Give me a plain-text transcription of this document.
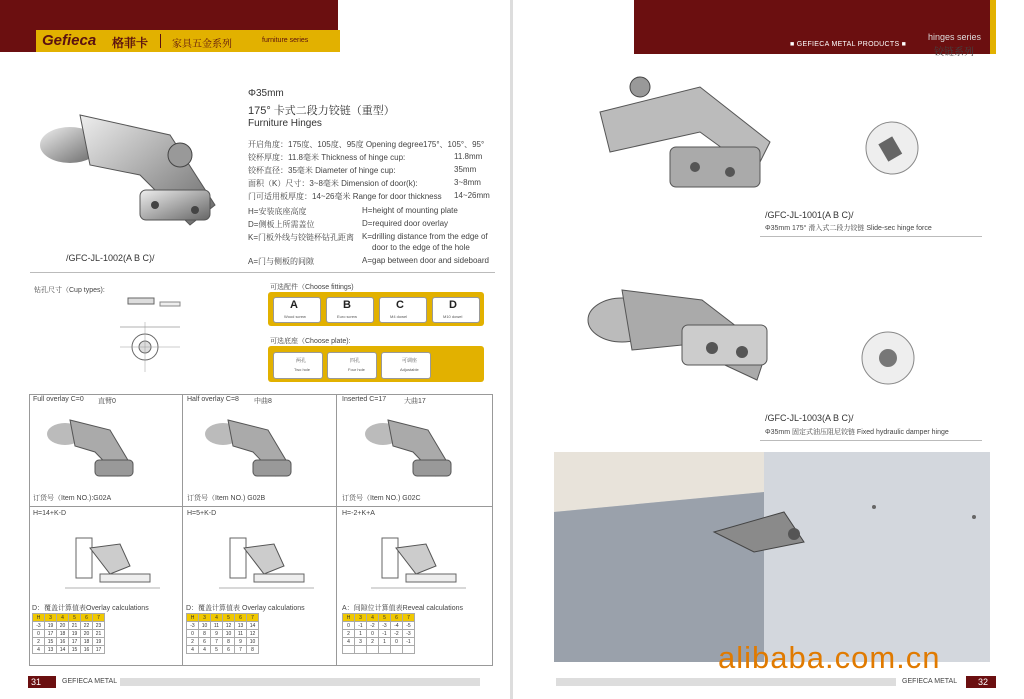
Gefieca 格菲卡 家具五金系列	furniture series
■ GEFIECA METAL PRODUCTS ■
hinges series
铰链系列
/GFC-JL-1002(A B C)/
Φ35mm
175° 卡式二段力铰链（重型）
Furniture Hinges
开启角度：175度、105度、95度 Opening degree 175°、105°、95°
铰杯厚度：11.8毫米 Thickness of hinge cup:	11.8mm
铰杯直径：35毫米 Diameter of hinge cup:	35mm
面积（K）尺寸：3~8毫米 Dimension of door(k):	3~8mm
门可适用板厚度：14~26毫米 Range for door thickness 14~26mm
H=安装底座高度
D=侧板上所需盖位
K=门板外线与铰链杯钻孔距离
A=门与侧板的间隙
H=height of mounting plate
D=required door overlay
K=drilling distance from the edge of
door to the edge of the hole
A=gap between door and sideboard
钻孔尺寸（Cup types):	可选配件（Choose fittings)
A
Wood screw
B
Euro screw
C
M4 dowel
D
M10 dowel
可选底座（Choose plate):
两孔
Two hole
四孔
Four hole
可调座
Adjustable
Full overlay C=0 直臂0
订货号（Item NO.):G02A
H=14+K-D
D：覆盖计算值表Overlay calculations
Half overlay C=8 中曲8
订货号（Item NO.) G02B
H=5+K-D
D：覆盖计算值表 Overlay calculations
Inserted C=17	大曲17
订货号（Item NO.) G02C
H=-2+K+A
A：间隙位计算值表Reveal calculations
H	3	4	5	6	7
-3	19	20	21	22	23
0	17	18	19	20	21
2	15	16	17	18	19
4	13	14	15	16	17
H	3	4	5	6	7
-3	10	11	12	13	14
0	8	9	10	11	12
2	6	7	8	9	10
4	4	5	6	7	8
H	3	4	5	6	7
0	-1	-2	-3	-4	-5
2	1	0	-1	-2	-3
4	3	2	1	0	-1

/GFC-JL-1001(A B C)/
Φ35mm 175° 滑入式二段力铰链 Slide-sec hinge force
/GFC-JL-1003(A B C)/
Φ35mm 固定式油压阻尼铰链 Fixed hydraulic damper hinge
31	GEFIECA METAL	GEFIECA METAL 32
alibaba.com.cn
